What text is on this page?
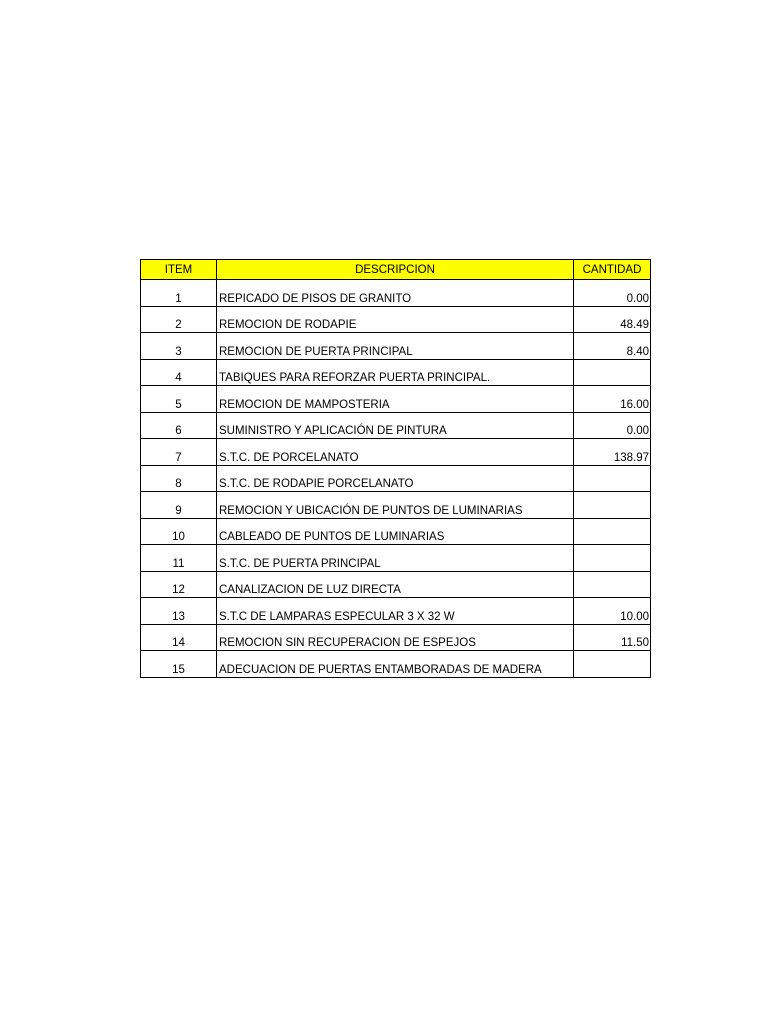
ITEM	DESCRIPCION	CANTIDAD
1	REPICADO DE PISOS DE GRANITO	0.00
2	REMOCION DE RODAPIE	48.49
3	REMOCION DE PUERTA PRINCIPAL	8.40
4	TABIQUES PARA REFORZAR PUERTA PRINCIPAL.	
5	REMOCION DE MAMPOSTERIA	16.00
6	SUMINISTRO Y APLICACIÓN DE PINTURA	0.00
7	S.T.C. DE PORCELANATO	138.97
8	S.T.C. DE RODAPIE PORCELANATO	
9	REMOCION Y UBICACIÓN DE PUNTOS DE LUMINARIAS	
10	CABLEADO DE PUNTOS DE LUMINARIAS	
11	S.T.C. DE PUERTA PRINCIPAL	
12	CANALIZACION DE LUZ DIRECTA	
13	S.T.C DE LAMPARAS ESPECULAR 3 X 32 W	10.00
14	REMOCION SIN RECUPERACION DE ESPEJOS	11.50
15	ADECUACION DE PUERTAS ENTAMBORADAS DE MADERA	
